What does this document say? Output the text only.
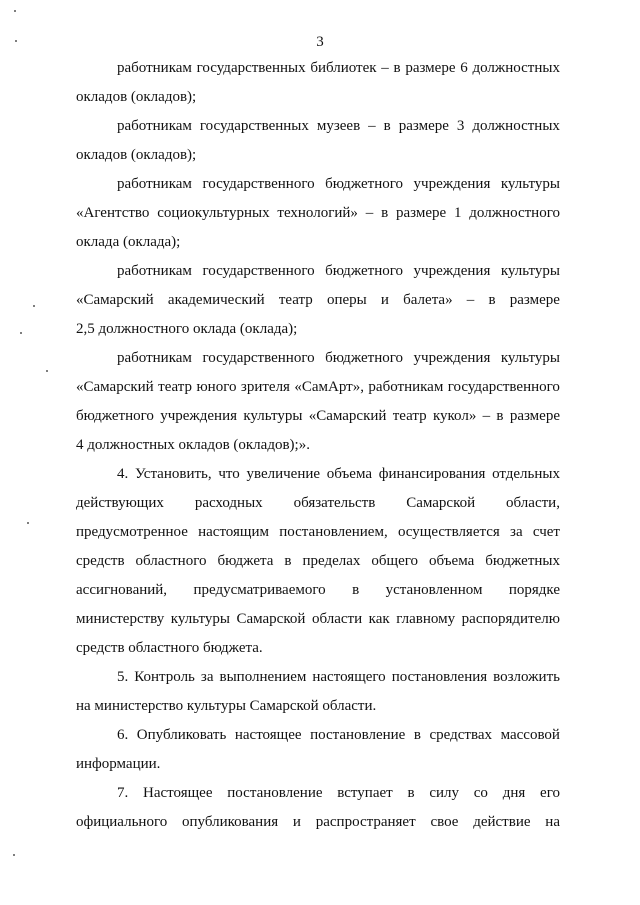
3
работникам государственных библиотек – в размере 6 должностных
окладов (окладов);
работникам государственных музеев – в размере 3 должностных
окладов (окладов);
работникам государственного бюджетного учреждения культуры
«Агентство социокультурных технологий» – в размере 1 должностного
оклада (оклада);
работникам государственного бюджетного учреждения культуры
«Самарский академический театр оперы и балета» – в размере
2,5 должностного оклада (оклада);
работникам государственного бюджетного учреждения культуры
«Самарский театр юного зрителя «СамАрт», работникам государственного
бюджетного учреждения культуры «Самарский театр кукол» – в размере
4 должностных окладов (окладов);».
4. Установить, что увеличение объема финансирования отдельных
действующих расходных обязательств Самарской области,
предусмотренное настоящим постановлением, осуществляется за счет
средств областного бюджета в пределах общего объема бюджетных
ассигнований, предусматриваемого в установленном порядке
министерству культуры Самарской области как главному распорядителю
средств областного бюджета.
5. Контроль за выполнением настоящего постановления возложить
на министерство культуры Самарской области.
6. Опубликовать настоящее постановление в средствах массовой
информации.
7. Настоящее постановление вступает в силу со дня его
официального опубликования и распространяет свое действие на
